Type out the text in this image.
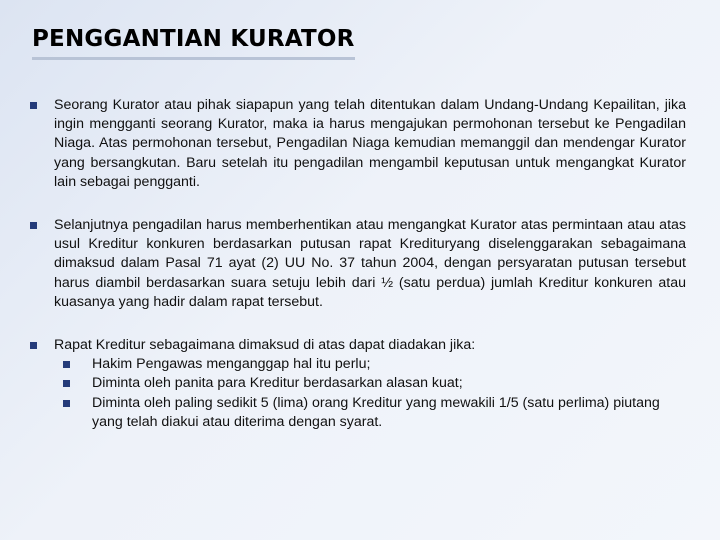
PENGGANTIAN KURATOR
Seorang Kurator atau pihak siapapun yang telah ditentukan dalam Undang-Undang Kepailitan, jika ingin mengganti seorang Kurator, maka ia harus mengajukan permohonan tersebut ke Pengadilan Niaga. Atas permohonan tersebut, Pengadilan Niaga kemudian memanggil dan mendengar Kurator yang bersangkutan. Baru setelah itu pengadilan mengambil keputusan untuk mengangkat Kurator lain sebagai pengganti.
Selanjutnya pengadilan harus memberhentikan atau mengangkat Kurator atas permintaan atau atas usul Kreditur konkuren berdasarkan putusan rapat Kredituryang diselenggarakan sebagaimana dimaksud dalam Pasal 71 ayat (2) UU No. 37 tahun 2004, dengan persyaratan putusan tersebut harus diambil berdasarkan suara setuju lebih dari ½ (satu perdua) jumlah Kreditur konkuren atau kuasanya yang hadir dalam rapat tersebut.
Rapat Kreditur sebagaimana dimaksud di atas dapat diadakan jika:
Hakim Pengawas menganggap hal itu perlu;
Diminta oleh panita para Kreditur berdasarkan alasan kuat;
Diminta oleh paling sedikit 5 (lima) orang Kreditur yang mewakili 1/5 (satu perlima) piutang yang telah diakui atau diterima dengan syarat.
